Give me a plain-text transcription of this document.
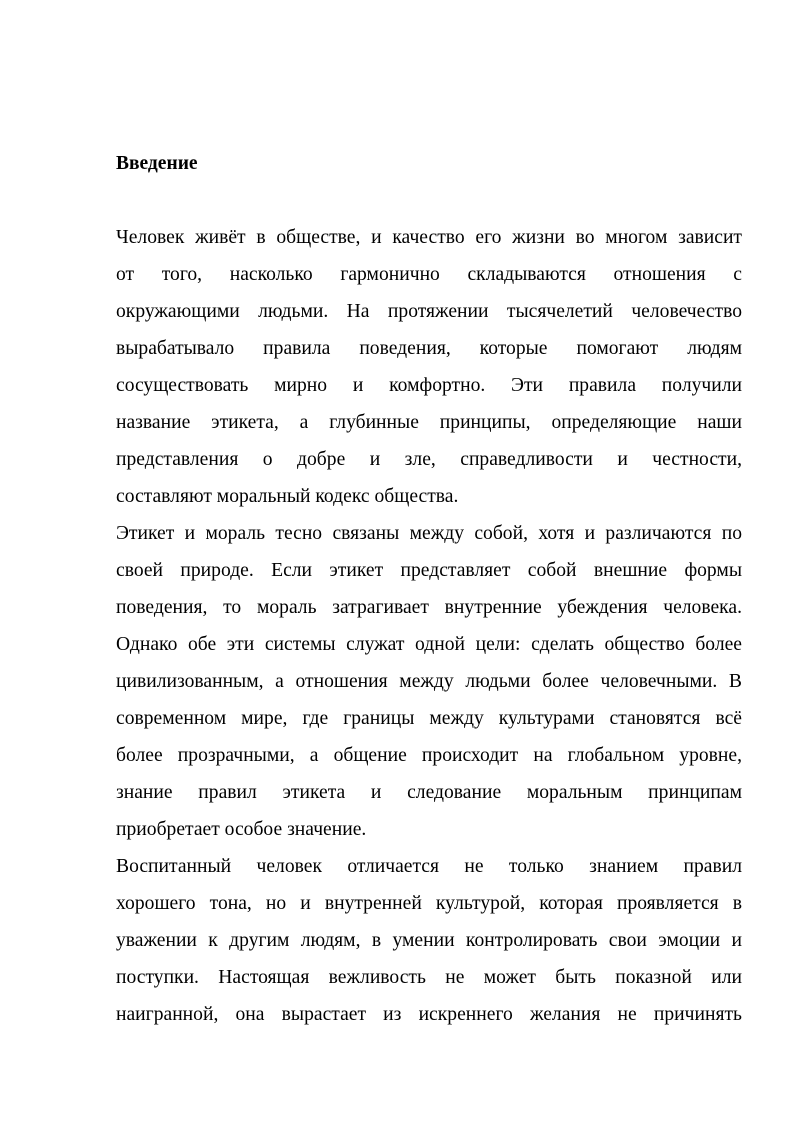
Введение
Человек живёт в обществе, и качество его жизни во многом зависит
от того, насколько гармонично складываются отношения с
окружающими людьми. На протяжении тысячелетий человечество
вырабатывало правила поведения, которые помогают людям
сосуществовать мирно и комфортно. Эти правила получили
название этикета, а глубинные принципы, определяющие наши
представления о добре и зле, справедливости и честности,
составляют моральный кодекс общества.
Этикет и мораль тесно связаны между собой, хотя и различаются по
своей природе. Если этикет представляет собой внешние формы
поведения, то мораль затрагивает внутренние убеждения человека.
Однако обе эти системы служат одной цели: сделать общество более
цивилизованным, а отношения между людьми более человечными. В
современном мире, где границы между культурами становятся всё
более прозрачными, а общение происходит на глобальном уровне,
знание правил этикета и следование моральным принципам
приобретает особое значение.
Воспитанный человек отличается не только знанием правил
хорошего тона, но и внутренней культурой, которая проявляется в
уважении к другим людям, в умении контролировать свои эмоции и
поступки. Настоящая вежливость не может быть показной или
наигранной, она вырастает из искреннего желания не причинять
